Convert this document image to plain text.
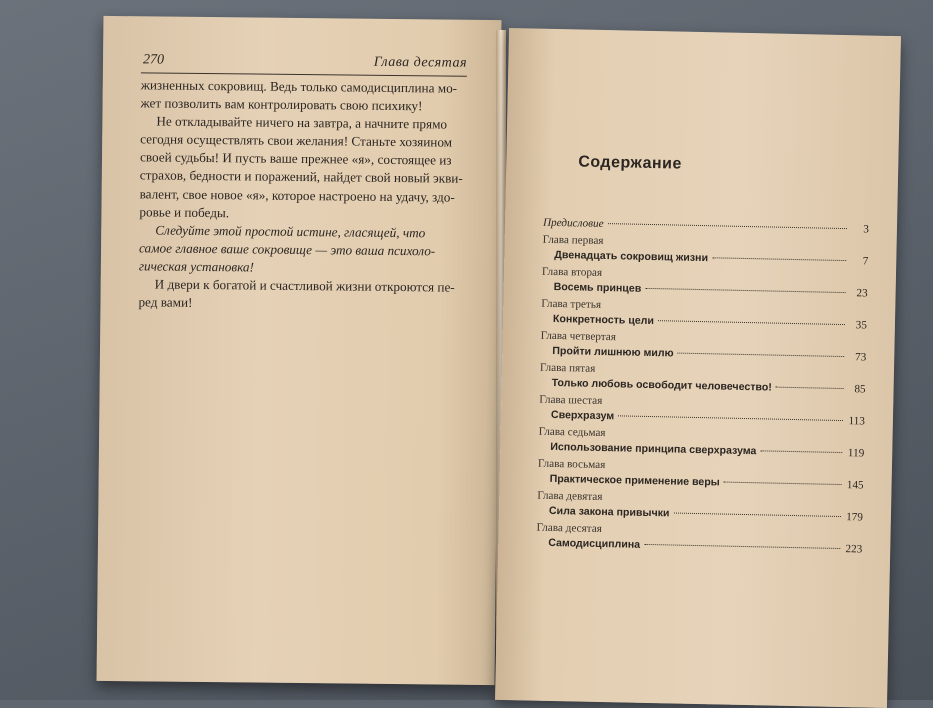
270	Глава десятая
жизненных сокровищ. Ведь только самодисциплина мо-
жет позволить вам контролировать свою психику!
Не откладывайте ничего на завтра, а начните прямо
сегодня осуществлять свои желания! Станьте хозяином
своей судьбы! И пусть ваше прежнее «я», состоящее из
страхов, бедности и поражений, найдет свой новый экви-
валент, свое новое «я», которое настроено на удачу, здо-
ровье и победы.
Следуйте этой простой истине, гласящей, что
самое главное ваше сокровище — это ваша психоло-
гическая установка!
И двери к богатой и счастливой жизни откроются пе-
ред вами!
Содержание
Предисловие	3
Глава первая
Двенадцать сокровищ жизни	7
Глава вторая
Восемь принцев	23
Глава третья
Конкретность цели	35
Глава четвертая
Пройти лишнюю милю	73
Глава пятая
Только любовь освободит человечество!	85
Глава шестая
Сверхразум	113
Глава седьмая
Использование принципа сверхразума	119
Глава восьмая
Практическое применение веры	145
Глава девятая
Сила закона привычки	179
Глава десятая
Самодисциплина	223
